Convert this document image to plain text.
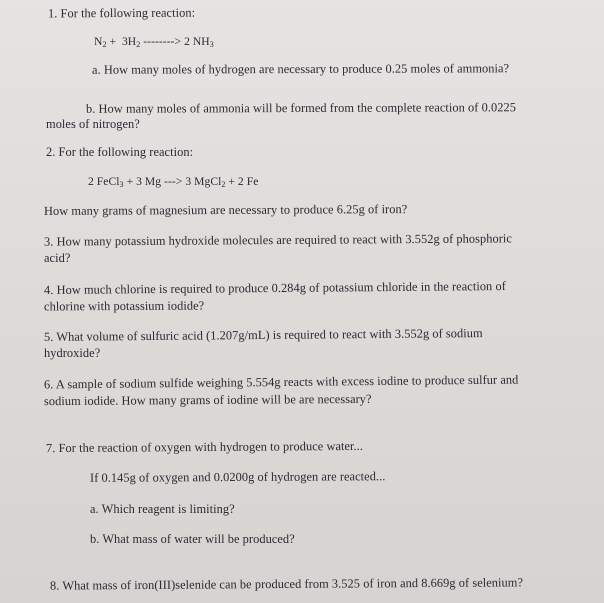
1. For the following reaction:
$N_2 + 3H_2$ --------> 2 $NH_3$
a. How many moles of hydrogen are necessary to produce 0.25 moles of ammonia?
b. How many moles of ammonia will be formed from the complete reaction of 0.0225
moles of nitrogen?
2. For the following reaction:
2 FeCl$_3$ + 3 Mg ---> 3 MgCl$_2$ + 2 Fe
How many grams of magnesium are necessary to produce 6.25g of iron?
3. How many potassium hydroxide molecules are required to react with 3.552g of phosphoric
acid?
4. How much chlorine is required to produce 0.284g of potassium chloride in the reaction of
chlorine with potassium iodide?
5. What volume of sulfuric acid (1.207g/mL) is required to react with 3.552g of sodium
hydroxide?
6. A sample of sodium sulfide weighing 5.554g reacts with excess iodine to produce sulfur and
sodium iodide. How many grams of iodine will be are necessary?
7. For the reaction of oxygen with hydrogen to produce water...
If 0.145g of oxygen and 0.0200g of hydrogen are reacted...
a. Which reagent is limiting?
b. What mass of water will be produced?
8. What mass of iron(III)selenide can be produced from 3.525 of iron and 8.669g of selenium?
